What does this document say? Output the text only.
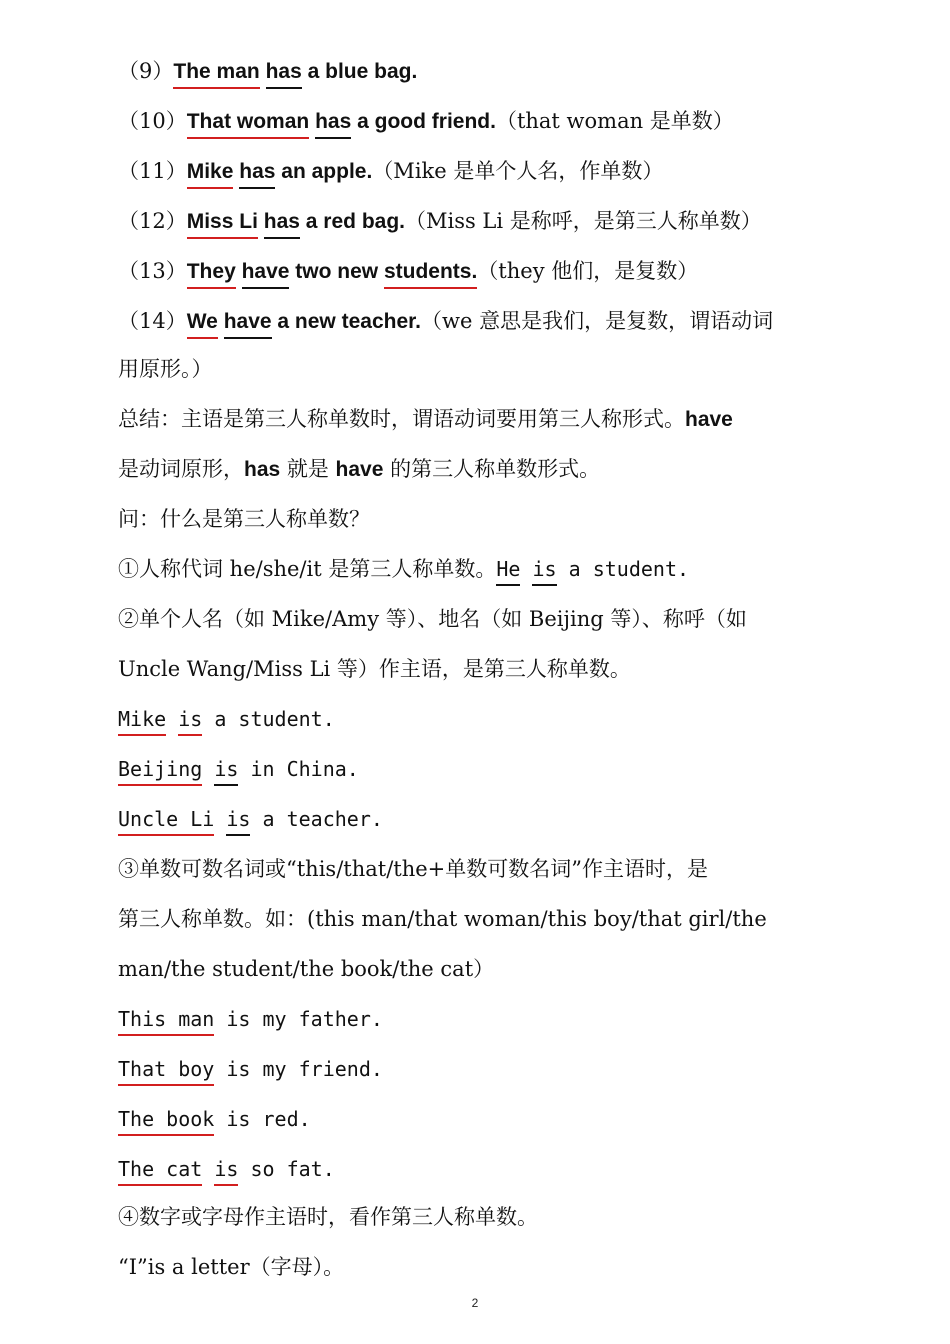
（9）The man has a blue bag.
（10）That woman has a good friend.（that woman 是单数）
（11）Mike has an apple.（Mike 是单个人名，作单数）
（12）Miss Li has a red bag.（Miss Li 是称呼，是第三人称单数）
（13）They have two new students.（they 他们，是复数）
（14）We have a new teacher.（we 意思是我们，是复数，谓语动词
用原形。）
总结：主语是第三人称单数时，谓语动词要用第三人称形式。have
是动词原形，has 就是 have 的第三人称单数形式。
问：什么是第三人称单数？
①人称代词 he/she/it 是第三人称单数。He is a student.
②单个人名（如 Mike/Amy 等）、地名（如 Beijing 等）、称呼（如
Uncle Wang/Miss Li 等）作主语，是第三人称单数。
Mike is a student.
Beijing is in China.
Uncle Li is a teacher.
③单数可数名词或“this/that/the+单数可数名词”作主语时，是
第三人称单数。如：(this man/that woman/this boy/that girl/the
man/the student/the book/the cat）
This man is my father.
That boy is my friend.
The book is red.
The cat is so fat.
④数字或字母作主语时，看作第三人称单数。
“I”is a letter（字母）。
2
